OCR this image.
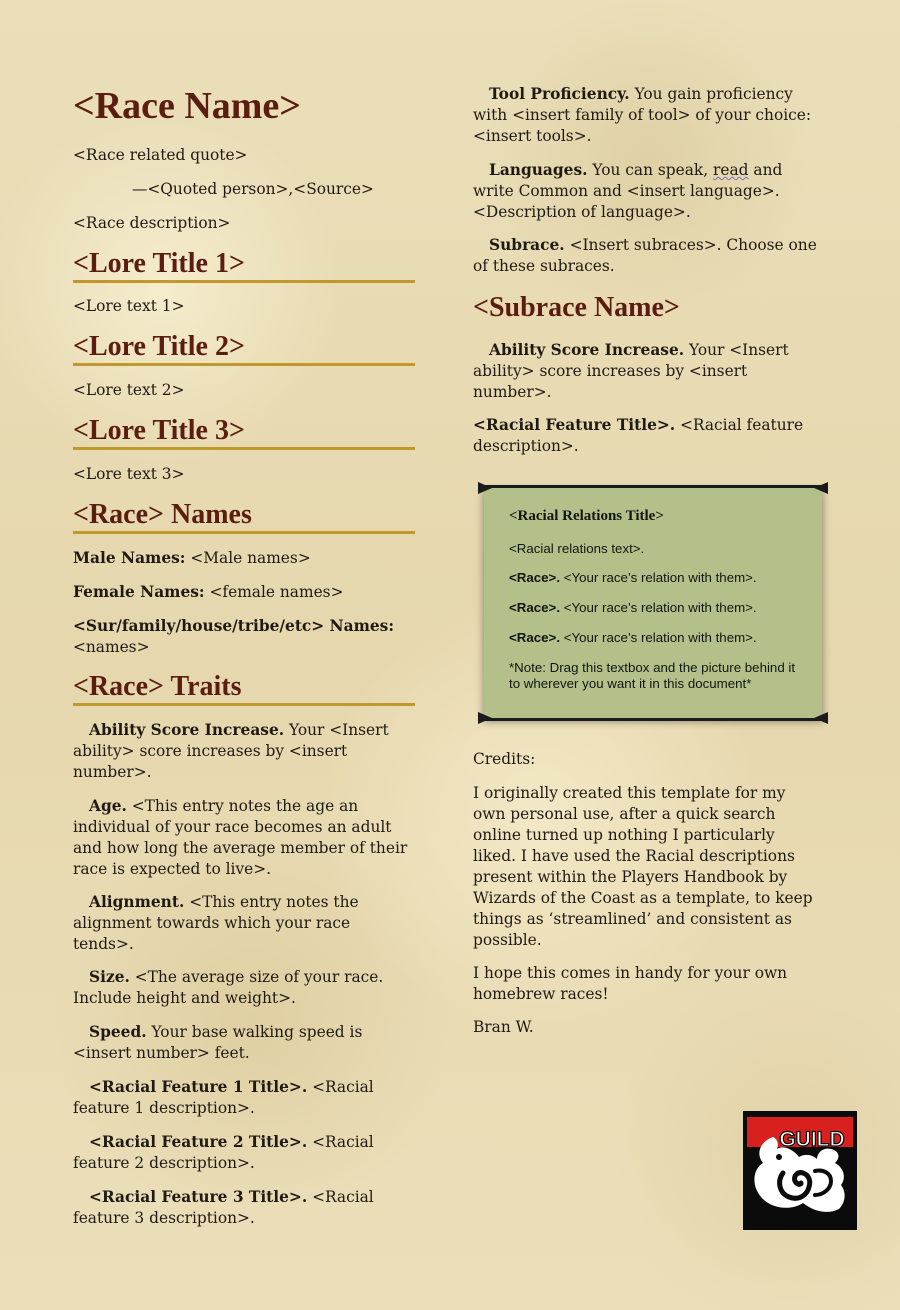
<Race Name>

<Race related quote>

—<Quoted person>,<Source>

<Race description>

<Lore Title 1>

<Lore text 1>

<Lore Title 2>

<Lore text 2>

<Lore Title 3>

<Lore text 3>

<Race> Names

Male Names: <Male names>

Female Names: <female names>

<Sur/family/house/tribe/etc> Names:
<names>

<Race> Traits

Ability Score Increase. Your <Insert ability> score increases by <insert number>.

Age. <This entry notes the age an individual of your race becomes an adult and how long the average member of their race is expected to live>.

Alignment. <This entry notes the alignment towards which your race tends>.

Size. <The average size of your race. Include height and weight>.

Speed. Your base walking speed is <insert number> feet.

<Racial Feature 1 Title>. <Racial feature 1 description>.

<Racial Feature 2 Title>. <Racial feature 2 description>.

<Racial Feature 3 Title>. <Racial feature 3 description>.

Tool Proficiency. You gain proficiency with <insert family of tool> of your choice: <insert tools>.

Languages. You can speak, read and write Common and <insert language>. <Description of language>.

Subrace. <Insert subraces>. Choose one of these subraces.

<Subrace Name>

Ability Score Increase. Your <Insert ability> score increases by <insert number>.

<Racial Feature Title>. <Racial feature description>.

<Racial Relations Title>

<Racial relations text>.

<Race>. <Your race’s relation with them>.

<Race>. <Your race’s relation with them>.

<Race>. <Your race’s relation with them>.

*Note: Drag this textbox and the picture behind it to wherever you want it in this document*

Credits:

I originally created this template for my own personal use, after a quick search online turned up nothing I particularly liked. I have used the Racial descriptions present within the Players Handbook by Wizards of the Coast as a template, to keep things as ‘streamlined’ and consistent as possible.

I hope this comes in handy for your own homebrew races!

Bran W.

GUILD
